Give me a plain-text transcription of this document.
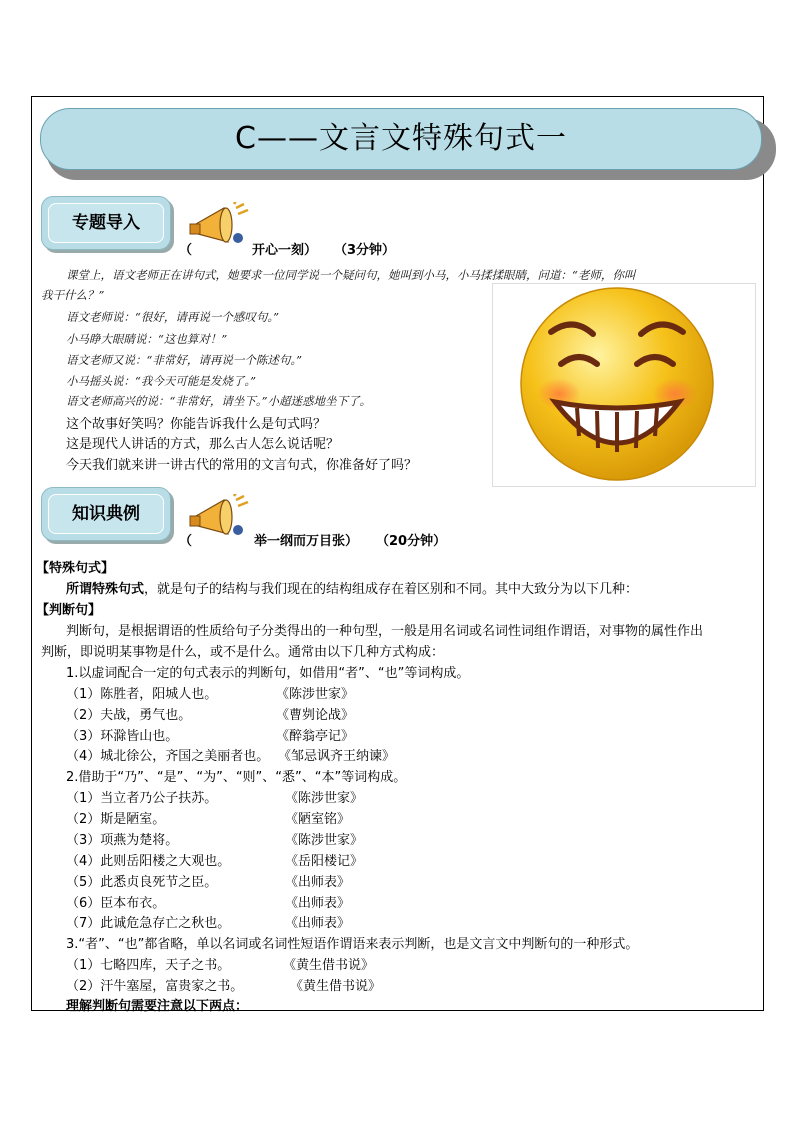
C——文言文特殊句式一
专题导入
（	开心一刻） （3分钟）
课堂上，语文老师正在讲句式，她要求一位同学说一个疑问句，她叫到小马，小马揉揉眼睛，问道：“老师，你叫
我干什么？”
语文老师说：“很好，请再说一个感叹句。”
小马睁大眼睛说：“这也算对！”
语文老师又说：“非常好，请再说一个陈述句。”
小马摇头说：“我今天可能是发烧了。”
语文老师高兴的说：“非常好，请坐下。”小超迷惑地坐下了。
这个故事好笑吗？你能告诉我什么是句式吗？
这是现代人讲话的方式，那么古人怎么说话呢？
今天我们就来讲一讲古代的常用的文言句式，你准备好了吗？
知识典例
（	举一纲而万目张） （20分钟）
【特殊句式】
所谓特殊句式，就是句子的结构与我们现在的结构组成存在着区别和不同。其中大致分为以下几种：
【判断句】
判断句，是根据谓语的性质给句子分类得出的一种句型，一般是用名词或名词性词组作谓语，对事物的属性作出
判断，即说明某事物是什么，或不是什么。通常由以下几种方式构成：
1.以虚词配合一定的句式表示的判断句，如借用“者”、“也”等词构成。
（1）陈胜者，阳城人也。	《陈涉世家》
（2）夫战，勇气也。	《曹刿论战》
（3）环滁皆山也。	《醉翁亭记》
（4）城北徐公，齐国之美丽者也。 《邹忌讽齐王纳谏》
2.借助于“乃”、“是”、“为”、“则”、“悉”、“本”等词构成。
（1）当立者乃公子扶苏。	《陈涉世家》
（2）斯是陋室。	《陋室铭》
（3）项燕为楚将。	《陈涉世家》
（4）此则岳阳楼之大观也。	《岳阳楼记》
（5）此悉贞良死节之臣。	《出师表》
（6）臣本布衣。	《出师表》
（7）此诚危急存亡之秋也。	《出师表》
3.“者”、“也”都省略，单以名词或名词性短语作谓语来表示判断，也是文言文中判断句的一种形式。
（1）七略四库，天子之书。	《黄生借书说》
（2）汗牛塞屋，富贵家之书。	《黄生借书说》
理解判断句需要注意以下两点：
